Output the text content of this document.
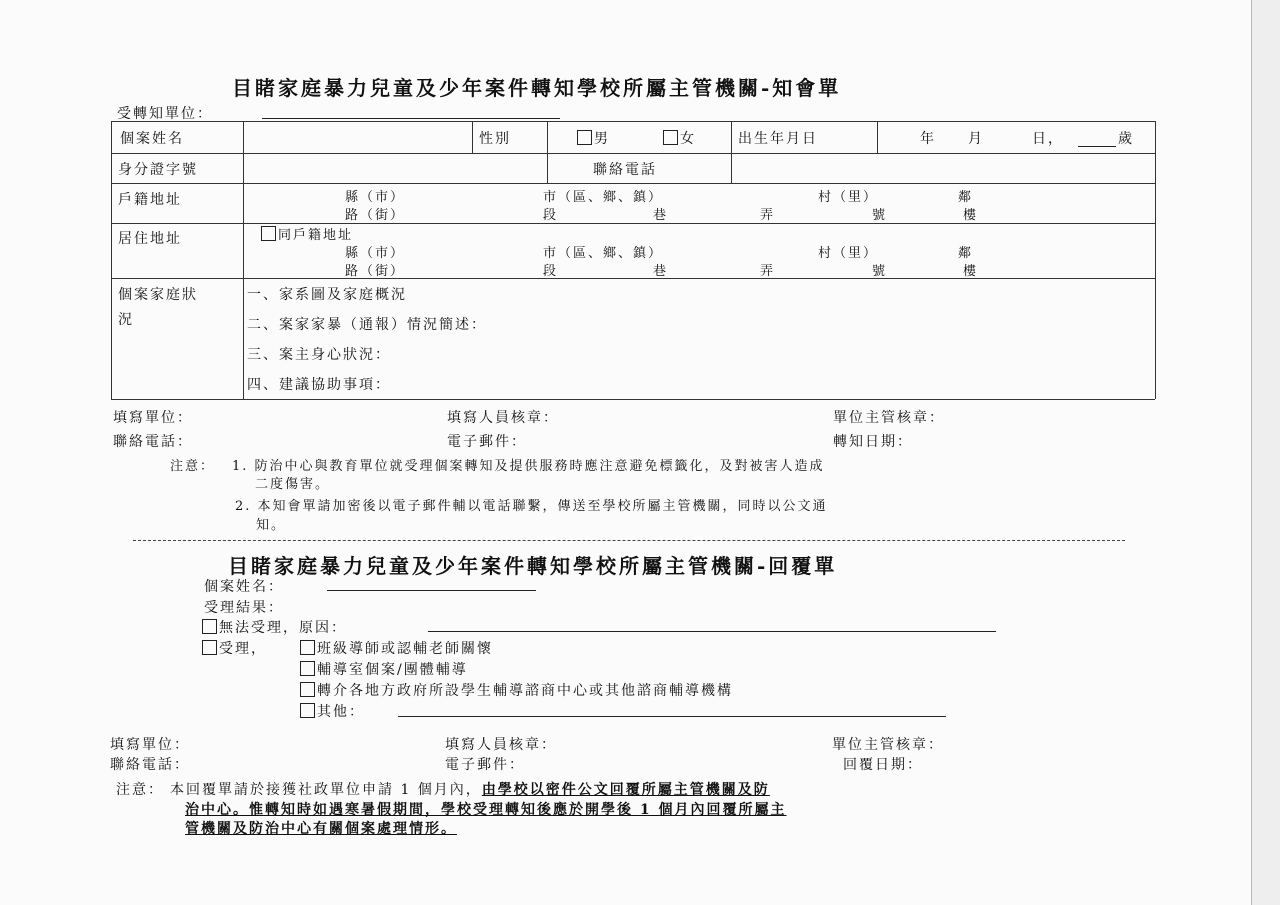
目睹家庭暴力兒童及少年案件轉知學校所屬主管機關-知會單
受轉知單位：
個案姓名	性別	男	女	出生年月日	年　　月　　　日，	歲
身分證字號	聯絡電話
戶籍地址	縣（市）	市（區、鄉、鎮）	村（里）	鄰
路（街）	段	巷	弄	號	樓
居住地址	同戶籍地址
縣（市）	市（區、鄉、鎮）	村（里）	鄰
路（街）	段	巷	弄	號	樓
個案家庭狀
況
一、家系圖及家庭概況
二、案家家暴（通報）情況簡述：
三、案主身心狀況：
四、建議協助事項：
填寫單位：	填寫人員核章：	單位主管核章：
聯絡電話：	電子郵件：	轉知日期：
注意： 1. 防治中心與教育單位就受理個案轉知及提供服務時應注意避免標籤化，及對被害人造成
二度傷害。
2. 本知會單請加密後以電子郵件輔以電話聯繫，傳送至學校所屬主管機關，同時以公文通
知。
目睹家庭暴力兒童及少年案件轉知學校所屬主管機關-回覆單
個案姓名：
受理結果：
無法受理，原因：
受理，	班級導師或認輔老師關懷
輔導室個案/團體輔導
轉介各地方政府所設學生輔導諮商中心或其他諮商輔導機構
其他：
填寫單位：	填寫人員核章：	單位主管核章：
聯絡電話：	電子郵件：	回覆日期：
注意： 本回覆單請於接獲社政單位申請 1 個月內，由學校以密件公文回覆所屬主管機關及防
治中心。惟轉知時如遇寒暑假期間，學校受理轉知後應於開學後 1 個月內回覆所屬主
管機關及防治中心有關個案處理情形。
